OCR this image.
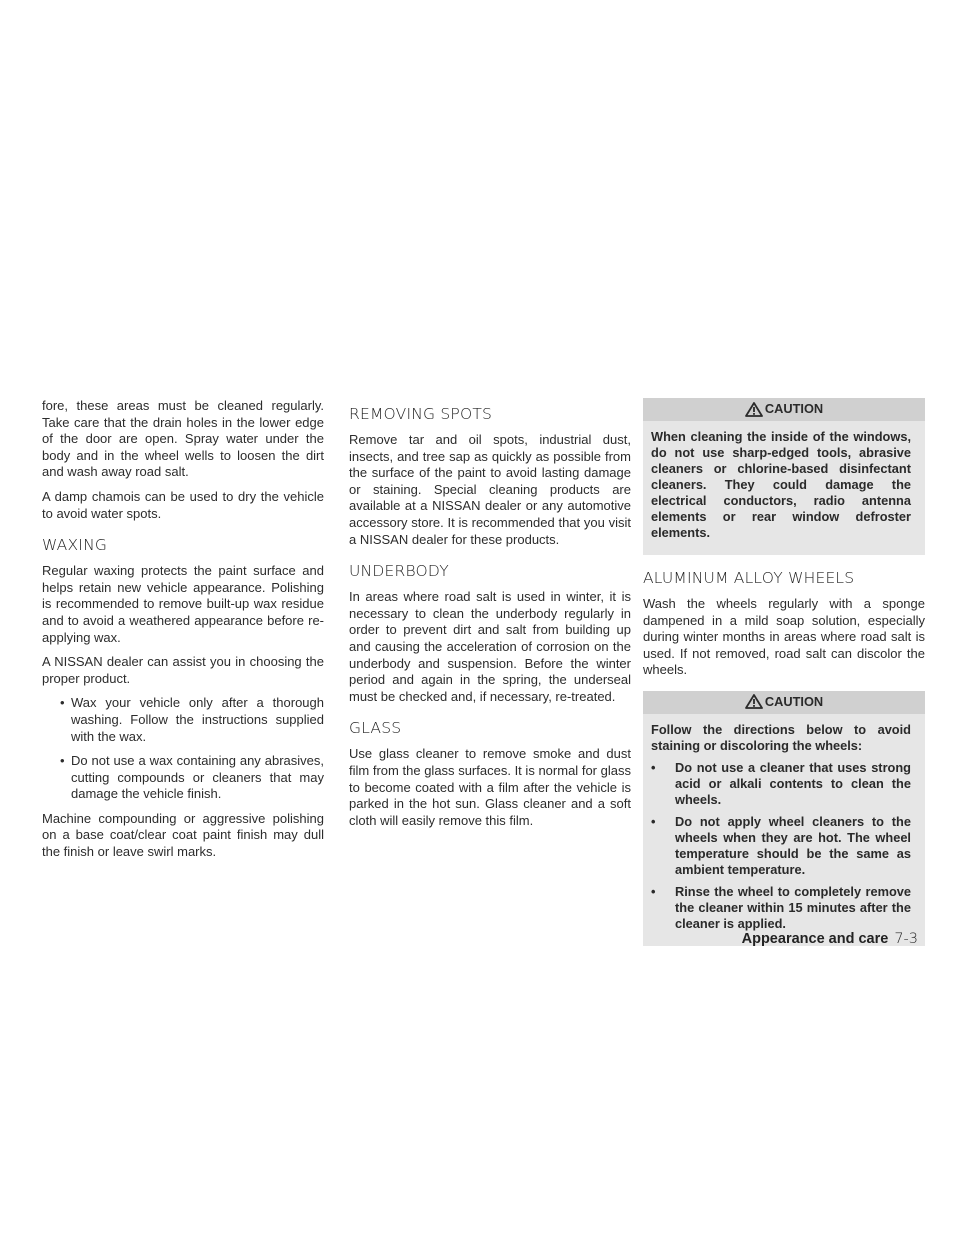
fore, these areas must be cleaned regularly. Take care that the drain holes in the lower edge of the door are open. Spray water under the body and in the wheel wells to loosen the dirt and wash away road salt.

A damp chamois can be used to dry the vehicle to avoid water spots.

WAXING

Regular waxing protects the paint surface and helps retain new vehicle appearance. Polishing is recommended to remove built-up wax residue and to avoid a weathered appearance before re-applying wax.

A NISSAN dealer can assist you in choosing the proper product.

• Wax your vehicle only after a thorough washing. Follow the instructions supplied with the wax.
• Do not use a wax containing any abrasives, cutting compounds or cleaners that may damage the vehicle finish.

Machine compounding or aggressive polishing on a base coat/clear coat paint finish may dull the finish or leave swirl marks.

REMOVING SPOTS

Remove tar and oil spots, industrial dust, insects, and tree sap as quickly as possible from the surface of the paint to avoid lasting damage or staining. Special cleaning products are available at a NISSAN dealer or any automotive accessory store. It is recommended that you visit a NISSAN dealer for these products.

UNDERBODY

In areas where road salt is used in winter, it is necessary to clean the underbody regularly in order to prevent dirt and salt from building up and causing the acceleration of corrosion on the underbody and suspension. Before the winter period and again in the spring, the underseal must be checked and, if necessary, re-treated.

GLASS

Use glass cleaner to remove smoke and dust film from the glass surfaces. It is normal for glass to become coated with a film after the vehicle is parked in the hot sun. Glass cleaner and a soft cloth will easily remove this film.

CAUTION

When cleaning the inside of the windows, do not use sharp-edged tools, abrasive cleaners or chlorine-based disinfectant cleaners. They could damage the electrical conductors, radio antenna elements or rear window defroster elements.

ALUMINUM ALLOY WHEELS

Wash the wheels regularly with a sponge dampened in a mild soap solution, especially during winter months in areas where road salt is used. If not removed, road salt can discolor the wheels.

CAUTION

Follow the directions below to avoid staining or discoloring the wheels:

• Do not use a cleaner that uses strong acid or alkali contents to clean the wheels.
• Do not apply wheel cleaners to the wheels when they are hot. The wheel temperature should be the same as ambient temperature.
• Rinse the wheel to completely remove the cleaner within 15 minutes after the cleaner is applied.
Appearance and care 7-3
